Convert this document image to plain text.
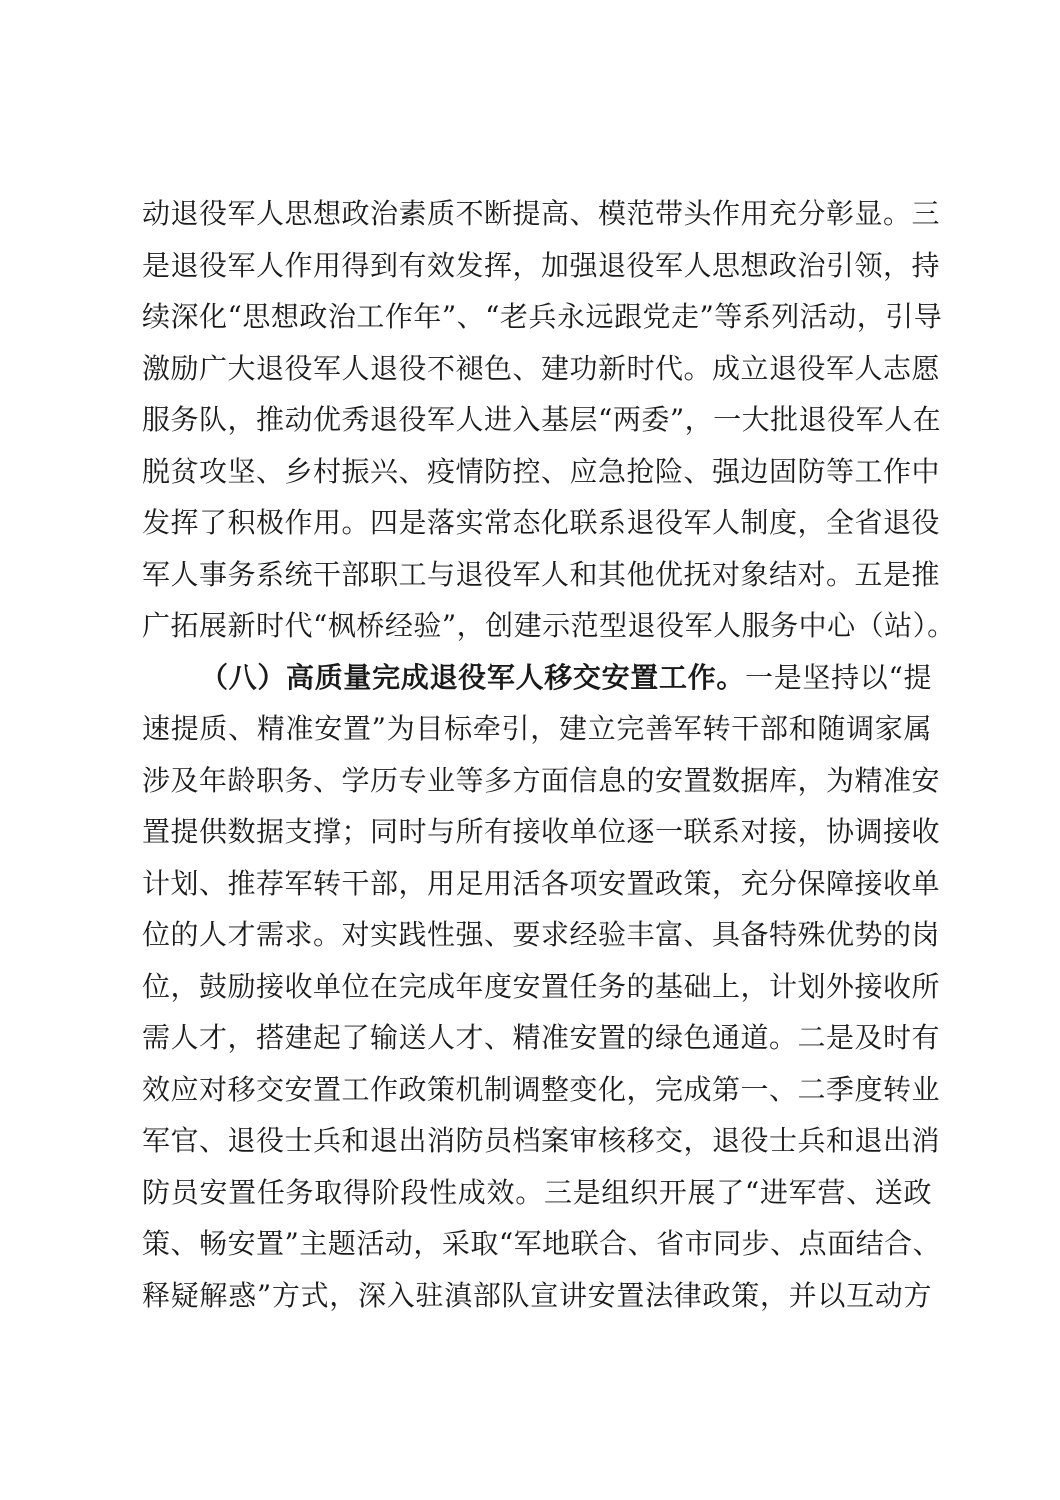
动退役军人思想政治素质不断提高、模范带头作用充分彰显。三
是退役军人作用得到有效发挥，加强退役军人思想政治引领，持
续深化“思想政治工作年”、“老兵永远跟党走”等系列活动，引导
激励广大退役军人退役不褪色、建功新时代。成立退役军人志愿
服务队，推动优秀退役军人进入基层“两委”，一大批退役军人在
脱贫攻坚、乡村振兴、疫情防控、应急抢险、强边固防等工作中
发挥了积极作用。四是落实常态化联系退役军人制度，全省退役
军人事务系统干部职工与退役军人和其他优抚对象结对。五是推
广拓展新时代“枫桥经验”，创建示范型退役军人服务中心（站）。
（八）高质量完成退役军人移交安置工作。一是坚持以“提
速提质、精准安置”为目标牵引，建立完善军转干部和随调家属
涉及年龄职务、学历专业等多方面信息的安置数据库，为精准安
置提供数据支撑；同时与所有接收单位逐一联系对接，协调接收
计划、推荐军转干部，用足用活各项安置政策，充分保障接收单
位的人才需求。对实践性强、要求经验丰富、具备特殊优势的岗
位，鼓励接收单位在完成年度安置任务的基础上，计划外接收所
需人才，搭建起了输送人才、精准安置的绿色通道。二是及时有
效应对移交安置工作政策机制调整变化，完成第一、二季度转业
军官、退役士兵和退出消防员档案审核移交，退役士兵和退出消
防员安置任务取得阶段性成效。三是组织开展了“进军营、送政
策、畅安置”主题活动，采取“军地联合、省市同步、点面结合、
释疑解惑”方式，深入驻滇部队宣讲安置法律政策，并以互动方
